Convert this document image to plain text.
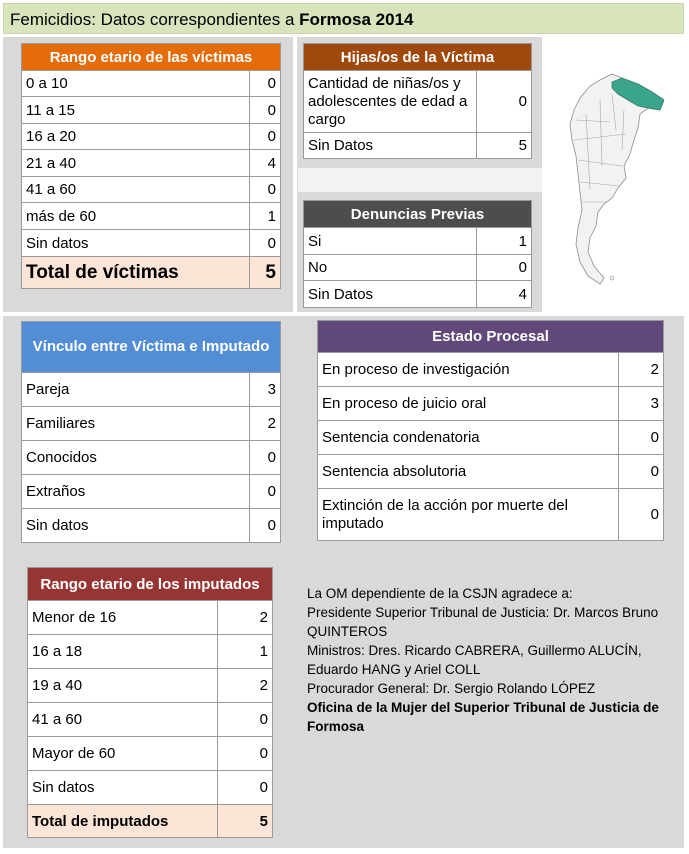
Femicidios: Datos correspondientes a Formosa 2014
Rango etario de las víctimas	
0 a 10	0
11 a 15	0
16 a 20	0
21 a 40	4
41 a 60	0
más de 60	1
Sin datos	0
Total de víctimas	5
Hijas/os de la Víctima	
Cantidad de niñas/os y adolescentes de edad a cargo	0
Sin Datos	5
Denuncias Previas	
Si	1
No	0
Sin Datos	4
Vínculo entre Víctima e Imputado	
Pareja	3
Familiares	2
Conocidos	0
Extraños	0
Sin datos	0
Estado Procesal	
En proceso de investigación	2
En proceso de juicio oral	3
Sentencia condenatoria	0
Sentencia absolutoria	0
Extinción de la acción por muerte del imputado	0
Rango etario de los imputados	
Menor de 16	2
16 a 18	1
19 a 40	2
41 a 60	0
Mayor de 60	0
Sin datos	0
Total de imputados	5
La OM dependiente de la CSJN agradece a:
Presidente Superior Tribunal de Justicia: Dr. Marcos Bruno QUINTEROS
Ministros: Dres. Ricardo CABRERA, Guillermo ALUCÍN, Eduardo HANG y Ariel COLL
Procurador General: Dr. Sergio Rolando LÓPEZ
Oficina de la Mujer del Superior Tribunal de Justicia de Formosa
